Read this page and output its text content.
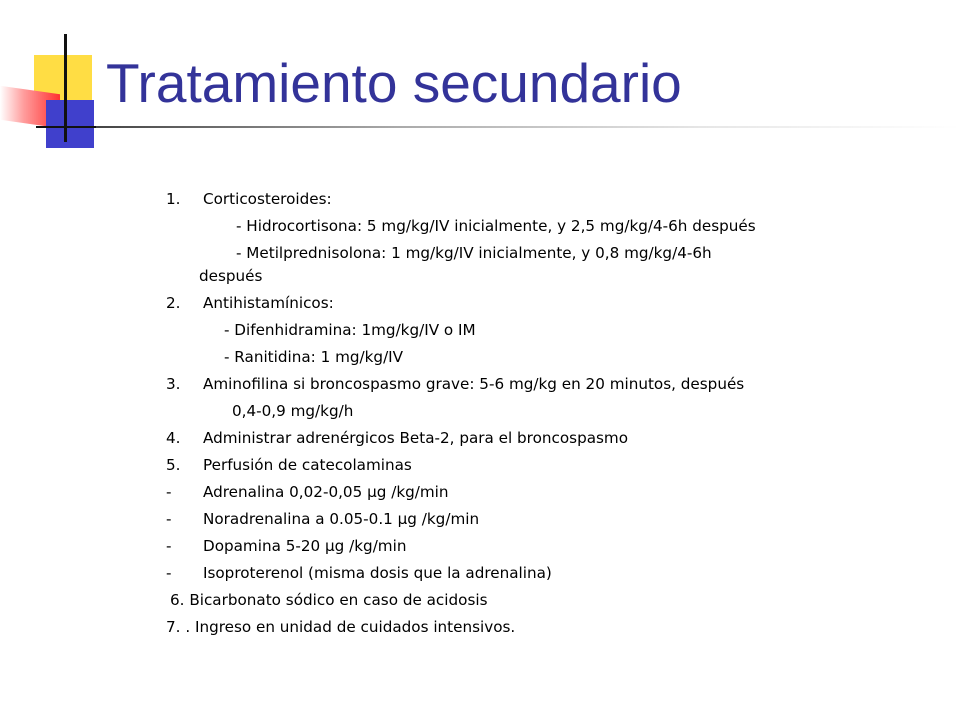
Tratamiento secundario
1.	Corticosteroides:
- Hidrocortisona: 5 mg/kg/IV inicialmente, y 2,5 mg/kg/4-6h después
- Metilprednisolona: 1 mg/kg/IV inicialmente, y 0,8 mg/kg/4-6h
después
2.	Antihistamínicos:
- Difenhidramina: 1mg/kg/IV o IM
- Ranitidina: 1 mg/kg/IV
3.	Aminofilina si broncospasmo grave: 5-6 mg/kg en 20 minutos, después
0,4-0,9 mg/kg/h
4.	Administrar adrenérgicos Beta-2, para el broncospasmo
5.	Perfusión de catecolaminas
-	Adrenalina 0,02-0,05 µg /kg/min
-	Noradrenalina a 0.05-0.1 µg /kg/min
-	Dopamina 5-20 µg /kg/min
-	Isoproterenol (misma dosis que la adrenalina)
6. Bicarbonato sódico en caso de acidosis
7. . Ingreso en unidad de cuidados intensivos.
